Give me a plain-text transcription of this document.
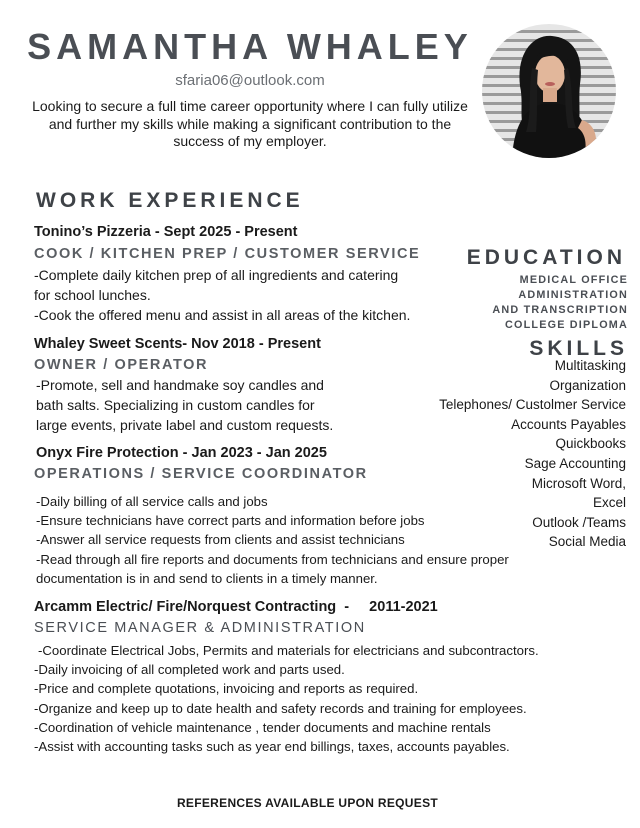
SAMANTHA WHALEY
sfaria06@outlook.com
Looking to secure a full time career opportunity where I can fully utilize and further my skills while making a significant contribution to the success of my employer.
WORK EXPERIENCE
Tonino’s Pizzeria - Sept 2025 - Present
COOK / KITCHEN PREP / CUSTOMER SERVICE
-Complete daily kitchen prep of all ingredients and catering
for school lunches.
-Cook the offered menu and assist in all areas of the kitchen.
Whaley Sweet Scents- Nov 2018 - Present
OWNER / OPERATOR
-Promote, sell and handmake soy candles and
bath salts. Specializing in custom candles for
large events, private label and custom requests.
Onyx Fire Protection - Jan 2023 - Jan 2025
OPERATIONS / SERVICE COORDINATOR
-Daily billing of all service calls and jobs
-Ensure technicians have correct parts and information before jobs
-Answer all service requests from clients and assist technicians
-Read through all fire reports and documents from technicians and ensure proper
documentation is in and send to clients in a timely manner.
Arcamm Electric/ Fire/Norquest Contracting  -     2011-2021
SERVICE MANAGER & ADMINISTRATION
-Coordinate Electrical Jobs, Permits and materials for electricians and subcontractors.
-Daily invoicing of all completed work and parts used.
-Price and complete quotations, invoicing and reports as required.
-Organize and keep up to date health and safety records and training for employees.
-Coordination of vehicle maintenance , tender documents and machine rentals
-Assist with accounting tasks such as year end billings, taxes, accounts payables.
EDUCATION
MEDICAL OFFICE
ADMINISTRATION
AND TRANSCRIPTION
COLLEGE DIPLOMA
SKILLS
Multitasking
Organization
Telephones/ Custolmer Service
Accounts Payables
Quickbooks
Sage Accounting
Microsoft Word,
Excel
Outlook /Teams
Social Media
REFERENCES AVAILABLE UPON REQUEST
